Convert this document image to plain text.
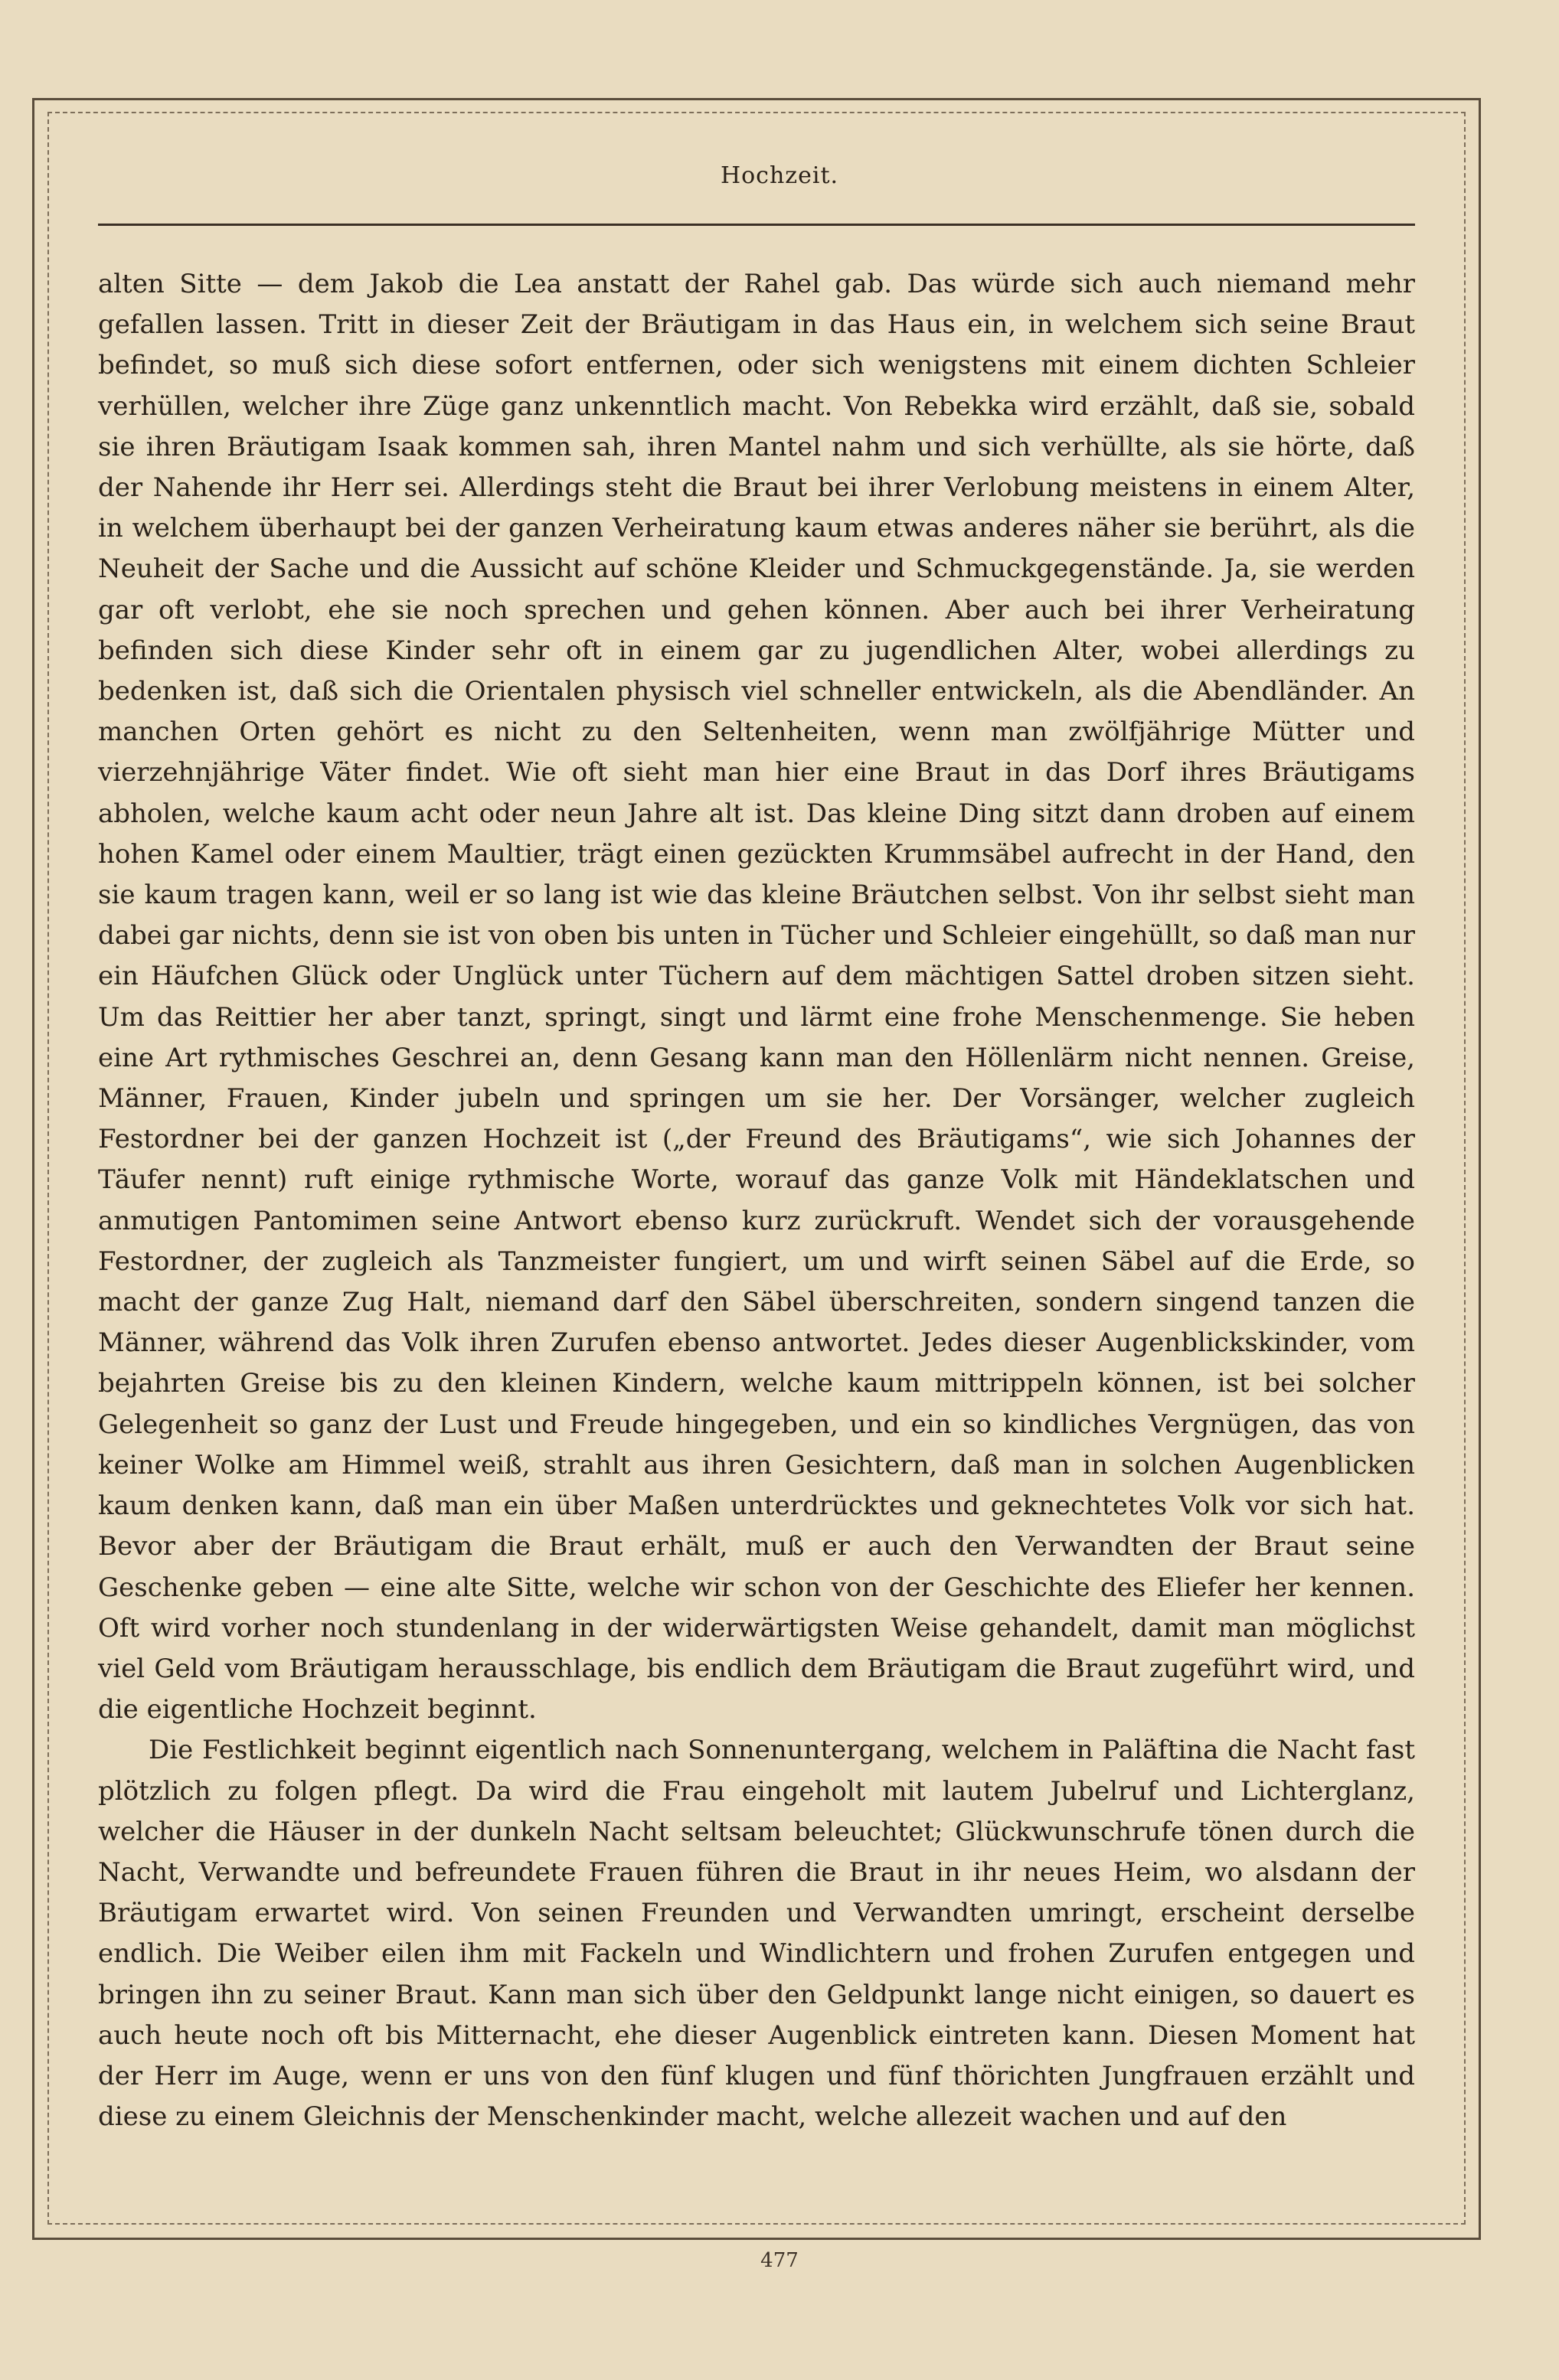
Hochzeit.

alten Sitte — dem Jakob die Lea anstatt der Rahel gab. Das würde sich auch niemand mehr gefallen lassen. Tritt in dieser Zeit der Bräutigam in das Haus ein, in welchem sich seine Braut befindet, so muß sich diese sofort entfernen, oder sich wenigstens mit einem dichten Schleier verhüllen, welcher ihre Züge ganz unkenntlich macht. Von Rebekka wird erzählt, daß sie, sobald sie ihren Bräutigam Isaak kommen sah, ihren Mantel nahm und sich verhüllte, als sie hörte, daß der Nahende ihr Herr sei. Allerdings steht die Braut bei ihrer Verlobung meistens in einem Alter, in welchem überhaupt bei der ganzen Verheiratung kaum etwas anderes näher sie berührt, als die Neuheit der Sache und die Aussicht auf schöne Kleider und Schmuckgegenstände. Ja, sie werden gar oft verlobt, ehe sie noch sprechen und gehen können. Aber auch bei ihrer Verheiratung befinden sich diese Kinder sehr oft in einem gar zu jugendlichen Alter, wobei allerdings zu bedenken ist, daß sich die Orientalen physisch viel schneller entwickeln, als die Abendländer. An manchen Orten gehört es nicht zu den Seltenheiten, wenn man zwölfjährige Mütter und vierzehnjährige Väter findet. Wie oft sieht man hier eine Braut in das Dorf ihres Bräutigams abholen, welche kaum acht oder neun Jahre alt ist. Das kleine Ding sitzt dann droben auf einem hohen Kamel oder einem Maultier, trägt einen gezückten Krummsäbel aufrecht in der Hand, den sie kaum tragen kann, weil er so lang ist wie das kleine Bräutchen selbst. Von ihr selbst sieht man dabei gar nichts, denn sie ist von oben bis unten in Tücher und Schleier eingehüllt, so daß man nur ein Häufchen Glück oder Unglück unter Tüchern auf dem mächtigen Sattel droben sitzen sieht. Um das Reittier her aber tanzt, springt, singt und lärmt eine frohe Menschenmenge. Sie heben eine Art rythmisches Geschrei an, denn Gesang kann man den Höllenlärm nicht nennen. Greise, Männer, Frauen, Kinder jubeln und springen um sie her. Der Vorsänger, welcher zugleich Festordner bei der ganzen Hochzeit ist („der Freund des Bräutigams“, wie sich Johannes der Täufer nennt) ruft einige rythmische Worte, worauf das ganze Volk mit Händeklatschen und anmutigen Pantomimen seine Antwort ebenso kurz zurückruft. Wendet sich der vorausgehende Festordner, der zugleich als Tanzmeister fungiert, um und wirft seinen Säbel auf die Erde, so macht der ganze Zug Halt, niemand darf den Säbel überschreiten, sondern singend tanzen die Männer, während das Volk ihren Zurufen ebenso antwortet. Jedes dieser Augenblickskinder, vom bejahrten Greise bis zu den kleinen Kindern, welche kaum mittrippeln können, ist bei solcher Gelegenheit so ganz der Lust und Freude hingegeben, und ein so kindliches Vergnügen, das von keiner Wolke am Himmel weiß, strahlt aus ihren Gesichtern, daß man in solchen Augenblicken kaum denken kann, daß man ein über Maßen unterdrücktes und geknechtetes Volk vor sich hat. Bevor aber der Bräutigam die Braut erhält, muß er auch den Verwandten der Braut seine Geschenke geben — eine alte Sitte, welche wir schon von der Geschichte des Eliefer her kennen. Oft wird vorher noch stundenlang in der widerwärtigsten Weise gehandelt, damit man möglichst viel Geld vom Bräutigam herausschlage, bis endlich dem Bräutigam die Braut zugeführt wird, und die eigentliche Hochzeit beginnt.

Die Festlichkeit beginnt eigentlich nach Sonnenuntergang, welchem in Paläftina die Nacht fast plötzlich zu folgen pflegt. Da wird die Frau eingeholt mit lautem Jubelruf und Lichterglanz, welcher die Häuser in der dunkeln Nacht seltsam beleuchtet; Glückwunschrufe tönen durch die Nacht, Verwandte und befreundete Frauen führen die Braut in ihr neues Heim, wo alsdann der Bräutigam erwartet wird. Von seinen Freunden und Verwandten umringt, erscheint derselbe endlich. Die Weiber eilen ihm mit Fackeln und Windlichtern und frohen Zurufen entgegen und bringen ihn zu seiner Braut. Kann man sich über den Geldpunkt lange nicht einigen, so dauert es auch heute noch oft bis Mitternacht, ehe dieser Augenblick eintreten kann. Diesen Moment hat der Herr im Auge, wenn er uns von den fünf klugen und fünf thörichten Jungfrauen erzählt und diese zu einem Gleichnis der Menschenkinder macht, welche allezeit wachen und auf den

477
